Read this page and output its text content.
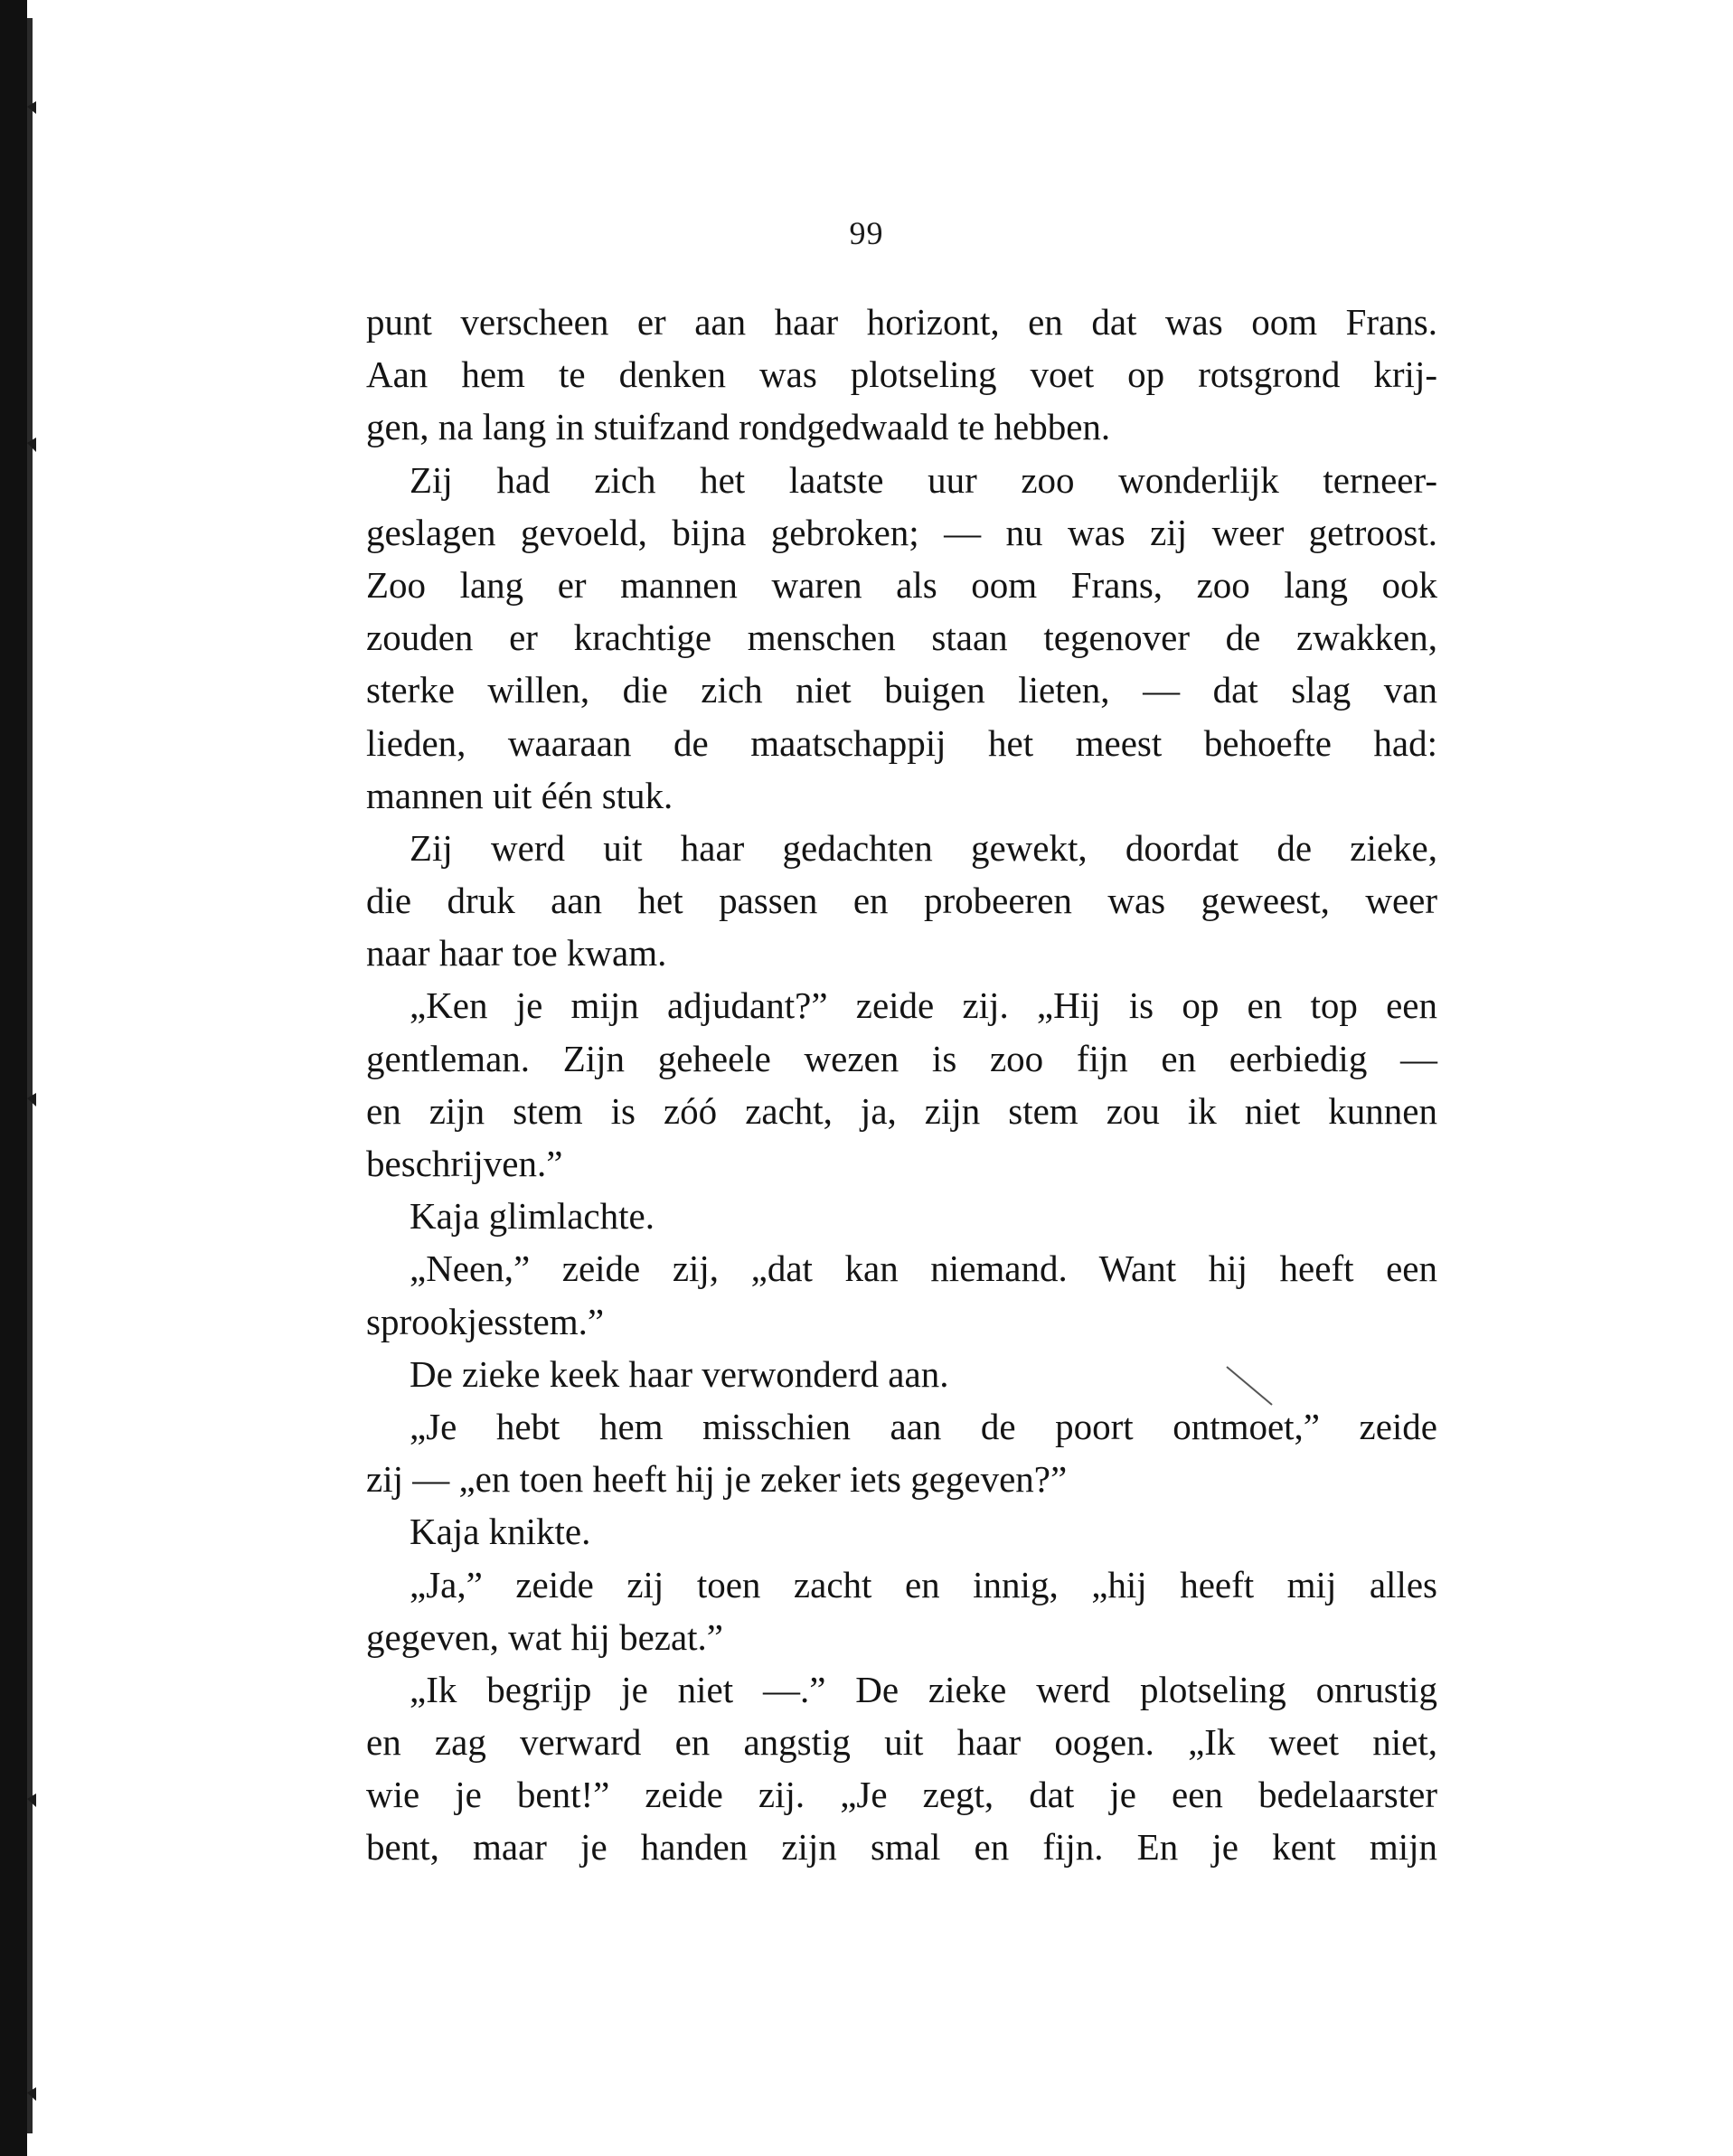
99
punt verscheen er aan haar horizont, en dat was oom Frans.
Aan hem te denken was plotseling voet op rotsgrond krij-
gen, na lang in stuifzand rondgedwaald te hebben.
Zij had zich het laatste uur zoo wonderlijk terneer-
geslagen gevoeld, bijna gebroken; — nu was zij weer getroost.
Zoo lang er mannen waren als oom Frans, zoo lang ook
zouden er krachtige menschen staan tegenover de zwakken,
sterke willen, die zich niet buigen lieten, — dat slag van
lieden, waaraan de maatschappij het meest behoefte had:
mannen uit één stuk.
Zij werd uit haar gedachten gewekt, doordat de zieke,
die druk aan het passen en probeeren was geweest, weer
naar haar toe kwam.
„Ken je mijn adjudant?” zeide zij. „Hij is op en top een
gentleman. Zijn geheele wezen is zoo fijn en eerbiedig —
en zijn stem is zóó zacht, ja, zijn stem zou ik niet kunnen
beschrijven.”
Kaja glimlachte.
„Neen,” zeide zij, „dat kan niemand. Want hij heeft een
sprookjesstem.”
De zieke keek haar verwonderd aan.
„Je hebt hem misschien aan de poort ontmoet,” zeide
zij — „en toen heeft hij je zeker iets gegeven?”
Kaja knikte.
„Ja,” zeide zij toen zacht en innig, „hij heeft mij alles
gegeven, wat hij bezat.”
„Ik begrijp je niet —.” De zieke werd plotseling onrustig
en zag verward en angstig uit haar oogen. „Ik weet niet,
wie je bent!” zeide zij. „Je zegt, dat je een bedelaarster
bent, maar je handen zijn smal en fijn. En je kent mijn
